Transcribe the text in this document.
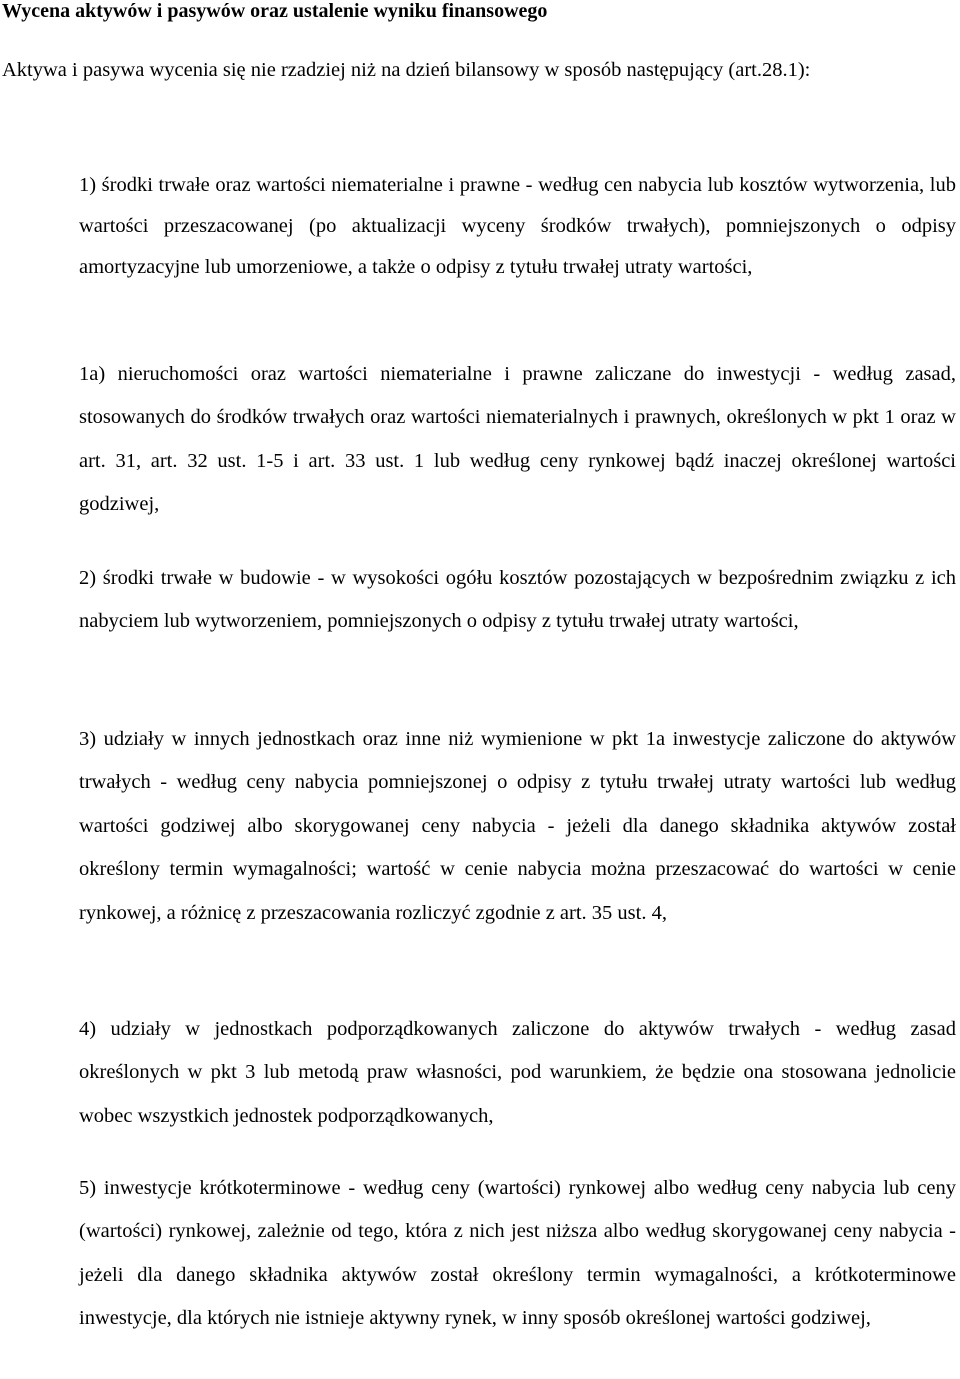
Wycena aktywów i pasywów oraz ustalenie wyniku finansowego
Aktywa i pasywa wycenia się nie rzadziej niż na dzień bilansowy w sposób następujący (art.28.1):
1) środki trwałe oraz wartości niematerialne i prawne - według cen nabycia lub kosztów wytworzenia, lub wartości przeszacowanej (po aktualizacji wyceny środków trwałych), pomniejszonych o odpisy amortyzacyjne lub umorzeniowe, a także o odpisy z tytułu trwałej utraty wartości,
1a) nieruchomości oraz wartości niematerialne i prawne zaliczane do inwestycji - według zasad, stosowanych do środków trwałych oraz wartości niematerialnych i prawnych, określonych w pkt 1 oraz w art. 31, art. 32 ust. 1-5 i art. 33 ust. 1 lub według ceny rynkowej bądź inaczej określonej wartości godziwej,
2) środki trwałe w budowie - w wysokości ogółu kosztów pozostających w bezpośrednim związku z ich nabyciem lub wytworzeniem, pomniejszonych o odpisy z tytułu trwałej utraty wartości,
3) udziały w innych jednostkach oraz inne niż wymienione w pkt 1a inwestycje zaliczone do aktywów trwałych - według ceny nabycia pomniejszonej o odpisy z tytułu trwałej utraty wartości lub według wartości godziwej albo skorygowanej ceny nabycia - jeżeli dla danego składnika aktywów został określony termin wymagalności; wartość w cenie nabycia można przeszacować do wartości w cenie rynkowej, a różnicę z przeszacowania rozliczyć zgodnie z art. 35 ust. 4,
4) udziały w jednostkach podporządkowanych zaliczone do aktywów trwałych - według zasad określonych w pkt 3 lub metodą praw własności, pod warunkiem, że będzie ona stosowana jednolicie wobec wszystkich jednostek podporządkowanych,
5) inwestycje krótkoterminowe - według ceny (wartości) rynkowej albo według ceny nabycia lub ceny (wartości) rynkowej, zależnie od tego, która z nich jest niższa albo według skorygowanej ceny nabycia - jeżeli dla danego składnika aktywów został określony termin wymagalności, a krótkoterminowe inwestycje, dla których nie istnieje aktywny rynek, w inny sposób określonej wartości godziwej,
